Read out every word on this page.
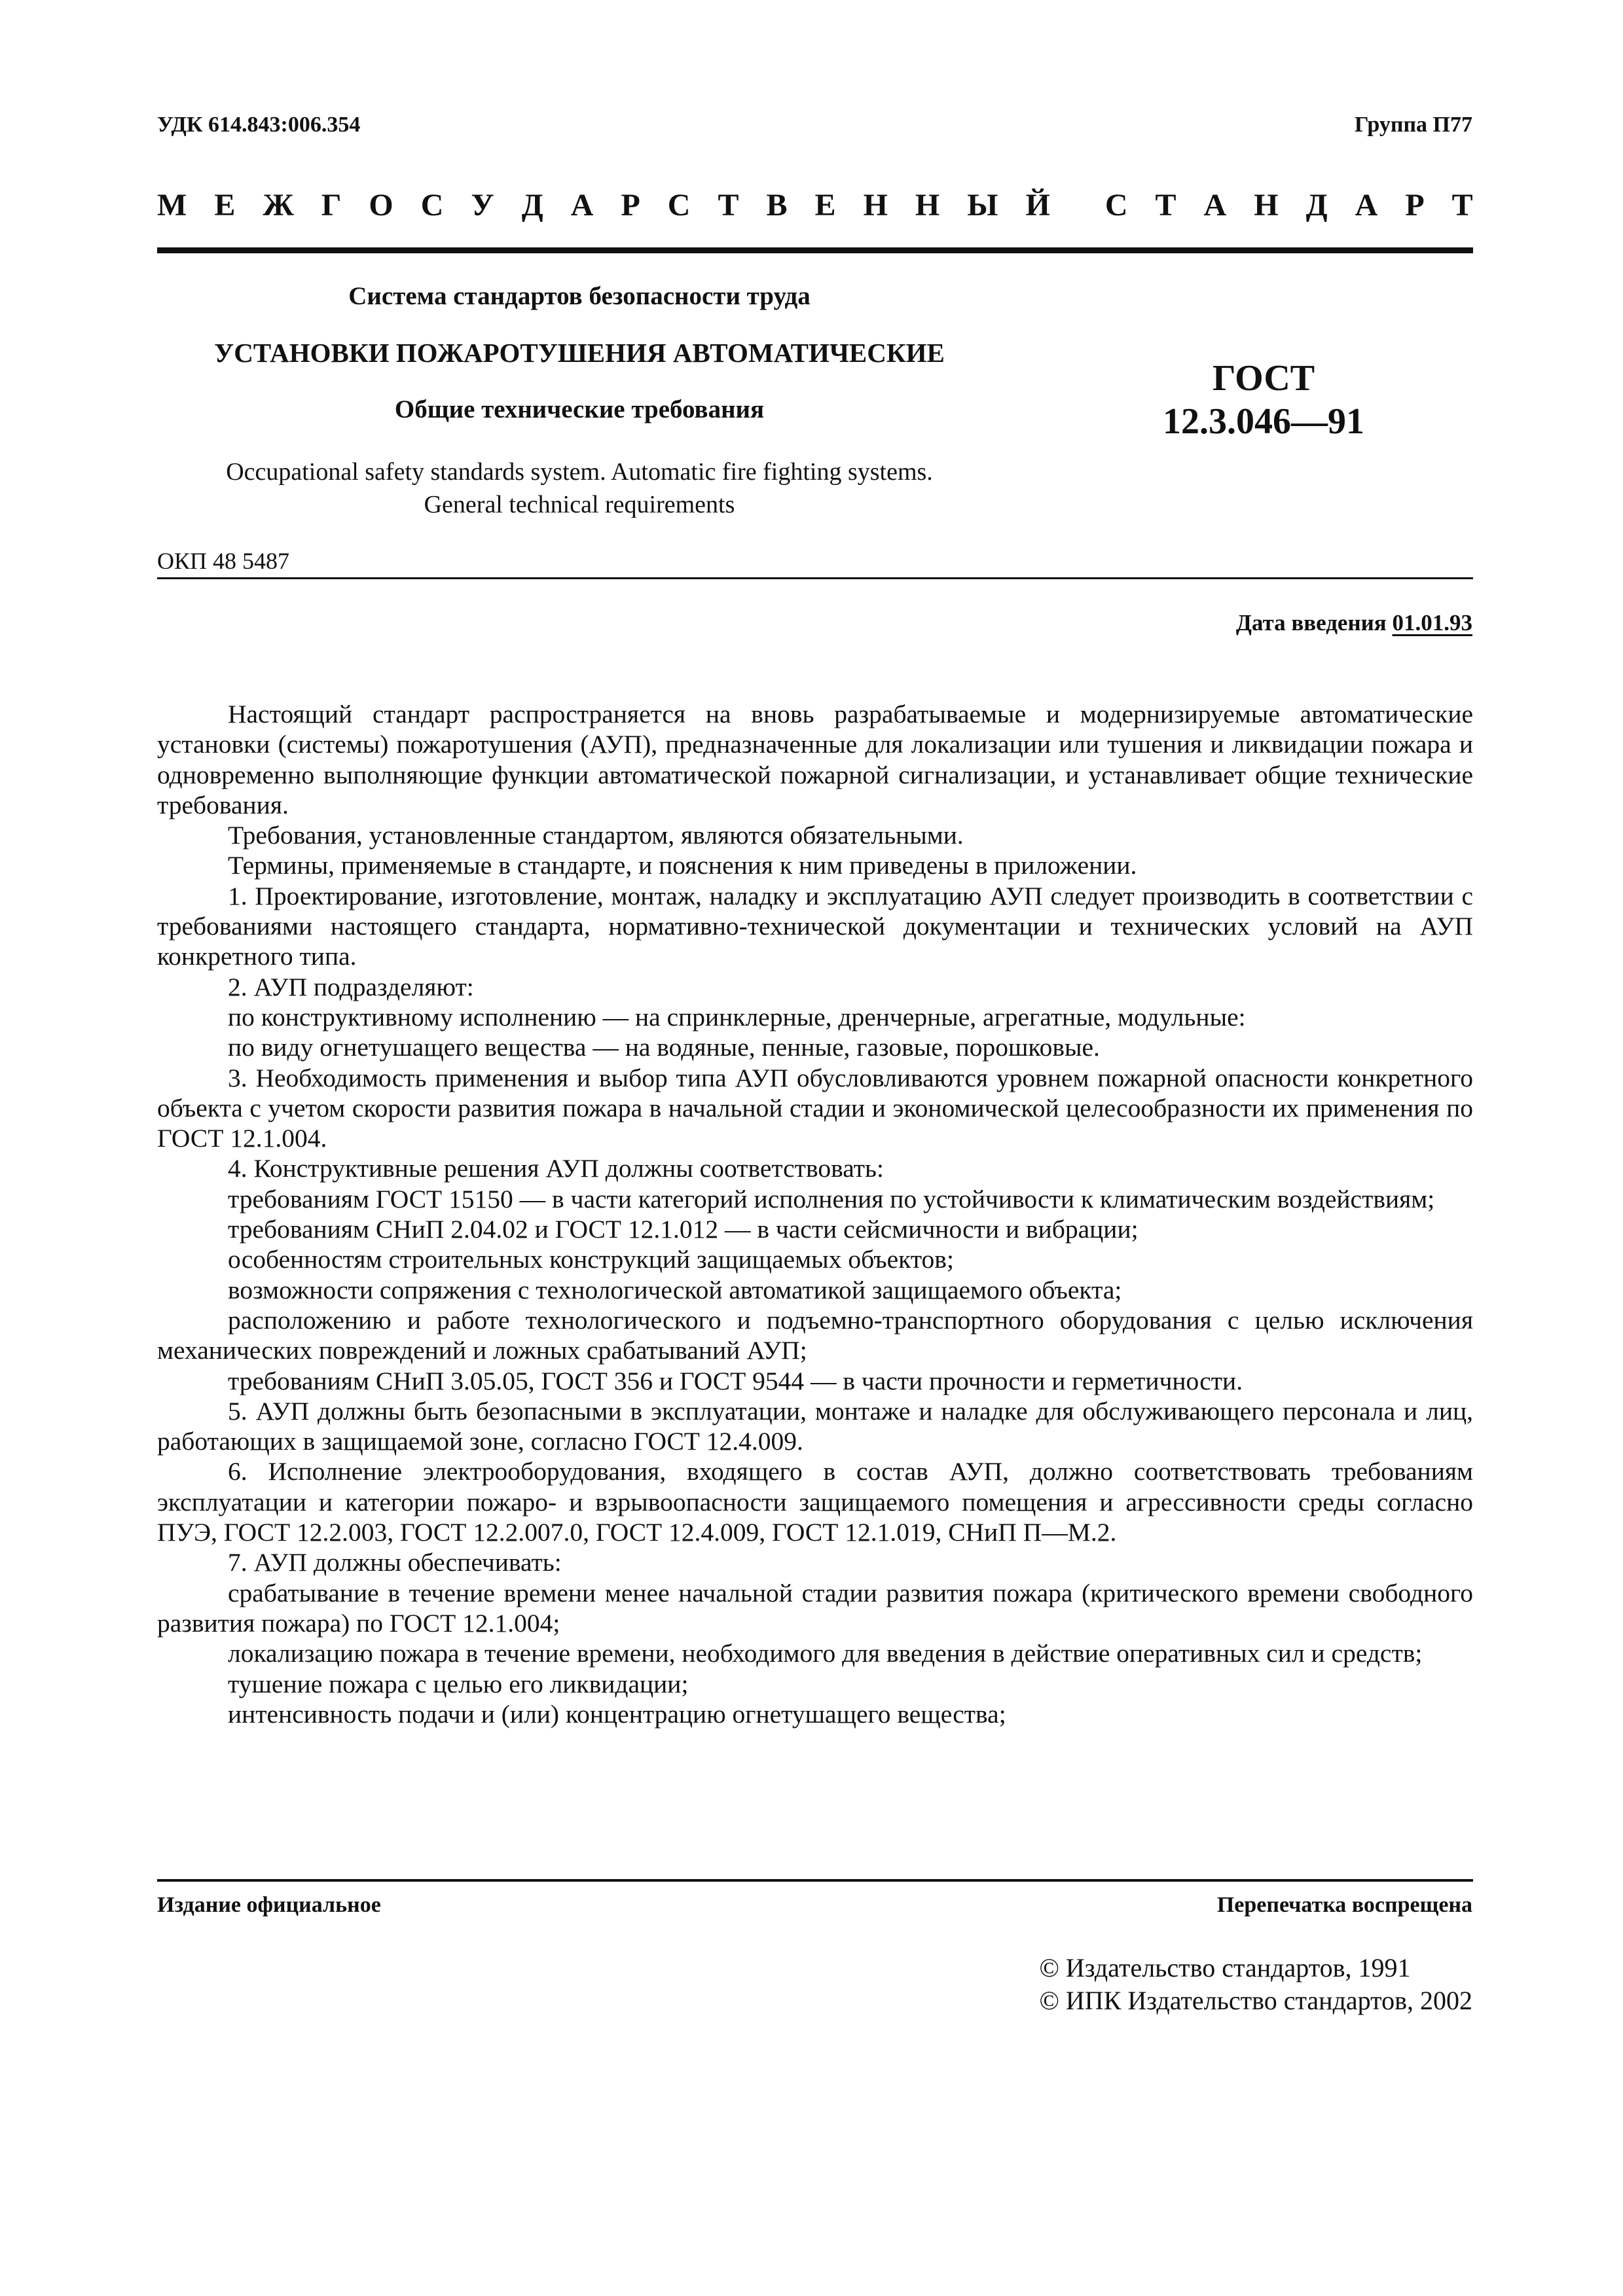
УДК 614.843:006.354	Группа П77
М Е Ж Г О С У Д А Р С Т В Е Н Н Ы Й С Т А Н Д А Р Т
Система стандартов безопасности труда
УСТАНОВКИ ПОЖАРОТУШЕНИЯ АВТОМАТИЧЕСКИЕ
Общие технические требования
ГОСТ
12.3.046—91
Occupational safety standards system. Automatic fire fighting systems.
General technical requirements
ОКП 48 5487
Дата введения 01.01.93

Настоящий стандарт распространяется на вновь разрабатываемые и модернизируемые автоматические установки (системы) пожаротушения (АУП), предназначенные для локализации или тушения и ликвидации пожара и одновременно выполняющие функции автоматической пожарной сигнализации, и устанавливает общие технические требования.

Требования, установленные стандартом, являются обязательными.

Термины, применяемые в стандарте, и пояснения к ним приведены в приложении.

1. Проектирование, изготовление, монтаж, наладку и эксплуатацию АУП следует производить в соответствии с требованиями настоящего стандарта, нормативно-технической документации и технических условий на АУП конкретного типа.

2. АУП подразделяют:

по конструктивному исполнению — на спринклерные, дренчерные, агрегатные, модульные:

по виду огнетушащего вещества — на водяные, пенные, газовые, порошковые.

3. Необходимость применения и выбор типа АУП обусловливаются уровнем пожарной опасности конкретного объекта с учетом скорости развития пожара в начальной стадии и экономической целесообразности их применения по ГОСТ 12.1.004.

4. Конструктивные решения АУП должны соответствовать:

требованиям ГОСТ 15150 — в части категорий исполнения по устойчивости к климатическим воздействиям;

требованиям СНиП 2.04.02 и ГОСТ 12.1.012 — в части сейсмичности и вибрации;

особенностям строительных конструкций защищаемых объектов;

возможности сопряжения с технологической автоматикой защищаемого объекта;

расположению и работе технологического и подъемно-транспортного оборудования с целью исключения механических повреждений и ложных срабатываний АУП;

требованиям СНиП 3.05.05, ГОСТ 356 и ГОСТ 9544 — в части прочности и герметичности.

5. АУП должны быть безопасными в эксплуатации, монтаже и наладке для обслуживающего персонала и лиц, работающих в защищаемой зоне, согласно ГОСТ 12.4.009.

6. Исполнение электрооборудования, входящего в состав АУП, должно соответствовать требованиям эксплуатации и категории пожаро- и взрывоопасности защищаемого помещения и агрессивности среды согласно ПУЭ, ГОСТ 12.2.003, ГОСТ 12.2.007.0, ГОСТ 12.4.009, ГОСТ 12.1.019, СНиП П—М.2.

7. АУП должны обеспечивать:

срабатывание в течение времени менее начальной стадии развития пожара (критического времени свободного развития пожара) по ГОСТ 12.1.004;

локализацию пожара в течение времени, необходимого для введения в действие оперативных сил и средств;

тушение пожара с целью его ликвидации;

интенсивность подачи и (или) концентрацию огнетушащего вещества;

Издание официальное	Перепечатка воспрещена
© Издательство стандартов, 1991
© ИПК Издательство стандартов, 2002
